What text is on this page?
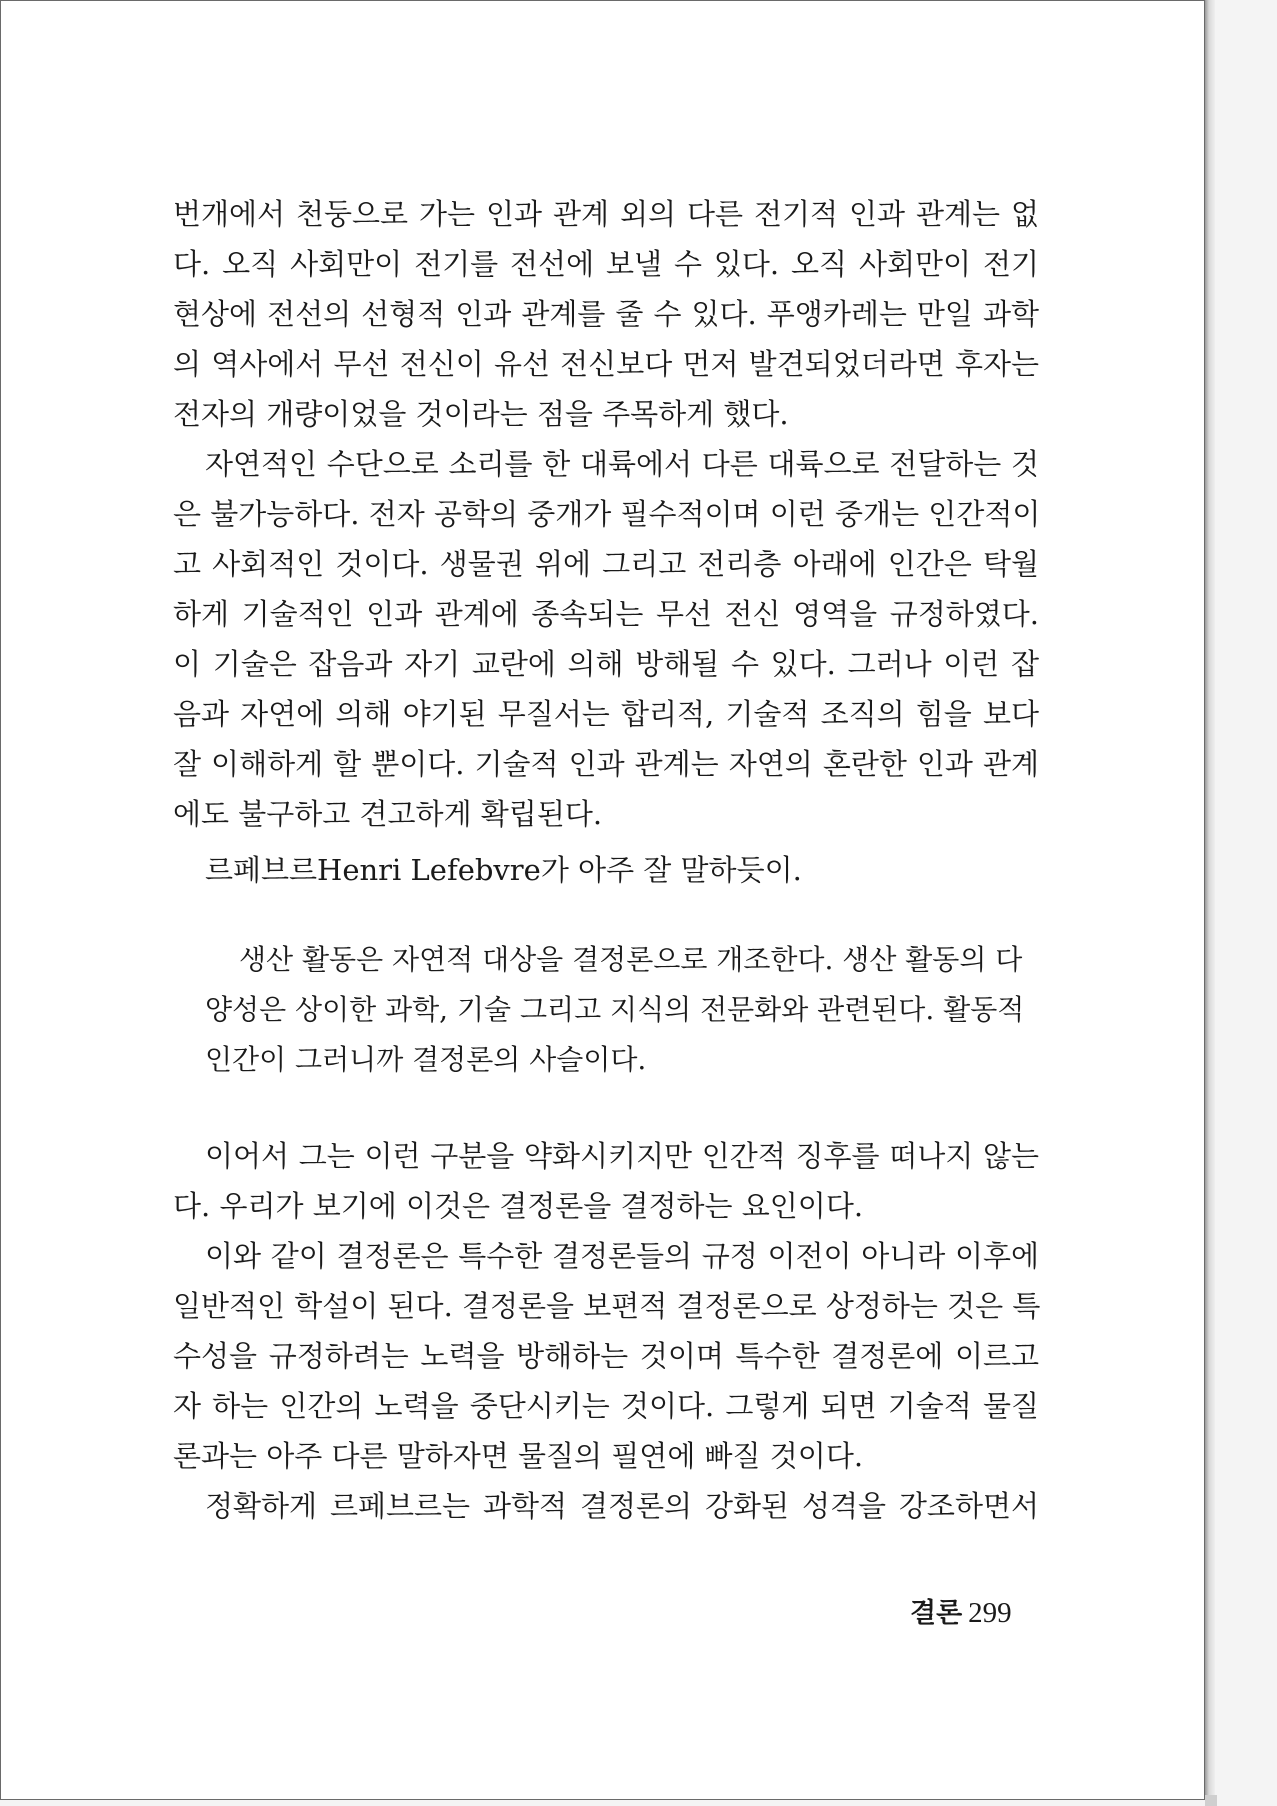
번개에서 천둥으로 가는 인과 관계 외의 다른 전기적 인과 관계는 없
다. 오직 사회만이 전기를 전선에 보낼 수 있다. 오직 사회만이 전기
현상에 전선의 선형적 인과 관계를 줄 수 있다. 푸앵카레는 만일 과학
의 역사에서 무선 전신이 유선 전신보다 먼저 발견되었더라면 후자는
전자의 개량이었을 것이라는 점을 주목하게 했다.
자연적인 수단으로 소리를 한 대륙에서 다른 대륙으로 전달하는 것
은 불가능하다. 전자 공학의 중개가 필수적이며 이런 중개는 인간적이
고 사회적인 것이다. 생물권 위에 그리고 전리층 아래에 인간은 탁월
하게 기술적인 인과 관계에 종속되는 무선 전신 영역을 규정하였다.
이 기술은 잡음과 자기 교란에 의해 방해될 수 있다. 그러나 이런 잡
음과 자연에 의해 야기된 무질서는 합리적, 기술적 조직의 힘을 보다
잘 이해하게 할 뿐이다. 기술적 인과 관계는 자연의 혼란한 인과 관계
에도 불구하고 견고하게 확립된다.
르페브르Henri Lefebvre가 아주 잘 말하듯이.
생산 활동은 자연적 대상을 결정론으로 개조한다. 생산 활동의 다
양성은 상이한 과학, 기술 그리고 지식의 전문화와 관련된다. 활동적
인간이 그러니까 결정론의 사슬이다.
이어서 그는 이런 구분을 약화시키지만 인간적 징후를 떠나지 않는
다. 우리가 보기에 이것은 결정론을 결정하는 요인이다.
이와 같이 결정론은 특수한 결정론들의 규정 이전이 아니라 이후에
일반적인 학설이 된다. 결정론을 보편적 결정론으로 상정하는 것은 특
수성을 규정하려는 노력을 방해하는 것이며 특수한 결정론에 이르고
자 하는 인간의 노력을 중단시키는 것이다. 그렇게 되면 기술적 물질
론과는 아주 다른 말하자면 물질의 필연에 빠질 것이다.
정확하게 르페브르는 과학적 결정론의 강화된 성격을 강조하면서
결론 299
